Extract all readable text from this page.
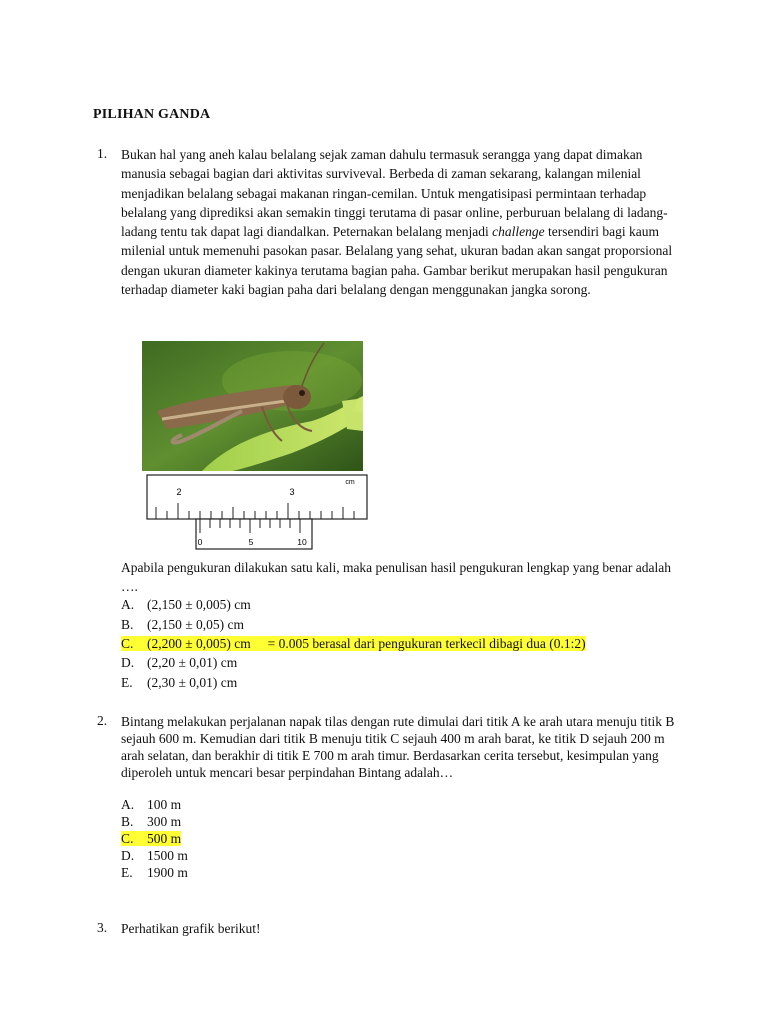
PILIHAN GANDA
1. Bukan hal yang aneh kalau belalang sejak zaman dahulu termasuk serangga yang dapat dimakan manusia sebagai bagian dari aktivitas surviveval. Berbeda di zaman sekarang, kalangan milenial menjadikan belalang sebagai makanan ringan-cemilan. Untuk mengatisipasi permintaan terhadap belalang yang diprediksi akan semakin tinggi terutama di pasar online, perburuan belalang di ladang-ladang tentu tak dapat lagi diandalkan. Peternakan belalang menjadi challenge tersendiri bagi kaum milenial untuk memenuhi pasokan pasar. Belalang yang sehat, ukuran badan akan sangat proporsional dengan ukuran diameter kakinya terutama bagian paha. Gambar berikut merupakan hasil pengukuran terhadap diameter kaki bagian paha dari belalang dengan menggunakan jangka sorong.
2	3
cm
0	5	10
Apabila pengukuran dilakukan satu kali, maka penulisan hasil pengukuran lengkap yang benar adalah ….
A. (2,150 ± 0,005) cm
B. (2,150 ± 0,05) cm
C. (2,200 ± 0,005) cm     = 0.005 berasal dari pengukuran terkecil dibagi dua (0.1:2)
D. (2,20 ± 0,01) cm
E. (2,30 ± 0,01) cm
2. Bintang melakukan perjalanan napak tilas dengan rute dimulai dari titik A ke arah utara menuju titik B sejauh 600 m. Kemudian dari titik B menuju titik C sejauh 400 m arah barat, ke titik D sejauh 200 m arah selatan, dan berakhir di titik E 700 m arah timur. Berdasarkan cerita tersebut, kesimpulan yang diperoleh untuk mencari besar perpindahan Bintang adalah…
A. 100 m
B. 300 m
C. 500 m
D. 1500 m
E. 1900 m
3. Perhatikan grafik berikut!
